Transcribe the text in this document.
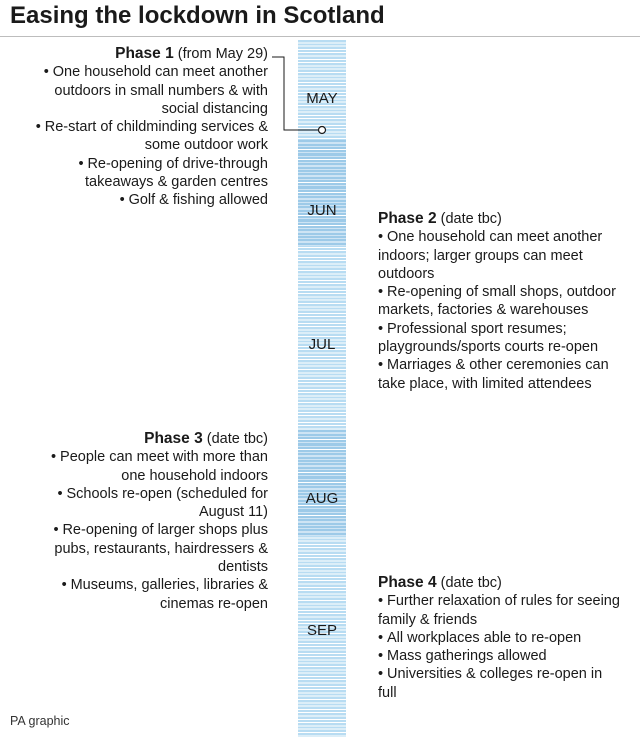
Easing the lockdown in Scotland
MAY
JUN
JUL
AUG
SEP
Phase 1 (from May 29)
• One household can meet another outdoors in small numbers & with social distancing
• Re-start of childminding services & some outdoor work
• Re-opening of drive-through takeaways & garden centres
• Golf & fishing allowed
Phase 2 (date tbc)
• One household can meet another indoors; larger groups can meet outdoors
• Re-opening of small shops, outdoor markets, factories & warehouses
• Professional sport resumes; playgrounds/sports courts re-open
• Marriages & other ceremonies can take place, with limited attendees
Phase 3 (date tbc)
• People can meet with more than one household indoors
• Schools re-open (scheduled for August 11)
• Re-opening of larger shops plus pubs, restaurants, hairdressers & dentists
• Museums, galleries, libraries & cinemas re-open
Phase 4 (date tbc)
• Further relaxation of rules for seeing family & friends
• All workplaces able to re-open
• Mass gatherings allowed
• Universities & colleges re-open in full
PA graphic
